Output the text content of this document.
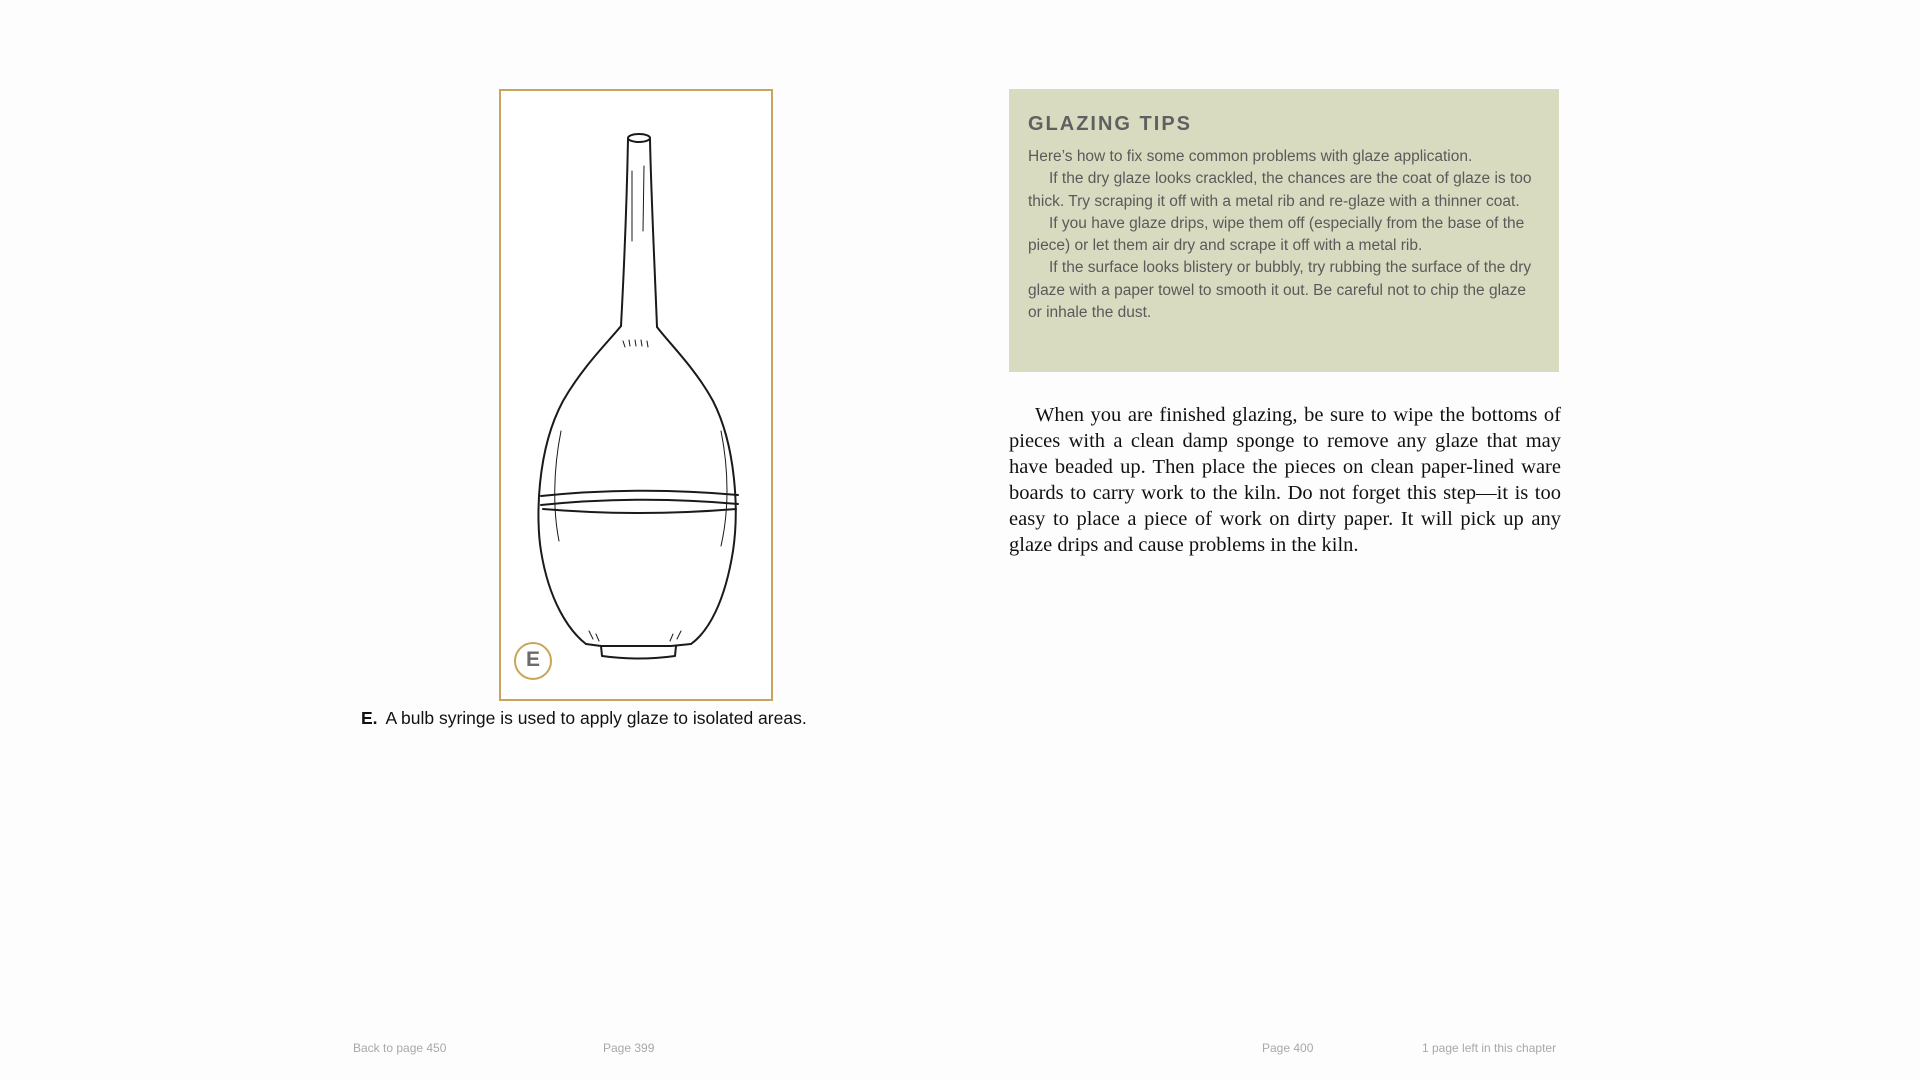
E
E. A bulb syringe is used to apply glaze to isolated areas.
GLAZING TIPS

Here’s how to fix some common problems with glaze application.

If the dry glaze looks crackled, the chances are the coat of glaze is too thick. Try scraping it off with a metal rib and re-glaze with a thinner coat.

If you have glaze drips, wipe them off (especially from the base of the piece) or let them air dry and scrape it off with a metal rib.

If the surface looks blistery or bubbly, try rubbing the surface of the dry glaze with a paper towel to smooth it out. Be careful not to chip the glaze or inhale the dust.

When you are finished glazing, be sure to wipe the bottoms of pieces with a clean damp sponge to remove any glaze that may have beaded up. Then place the pieces on clean paper-lined ware boards to carry work to the kiln. Do not forget this step—it is too easy to place a piece of work on dirty paper. It will pick up any glaze drips and cause problems in the kiln.

Back to page 450	Page 399	Page 400	1 page left in this chapter
